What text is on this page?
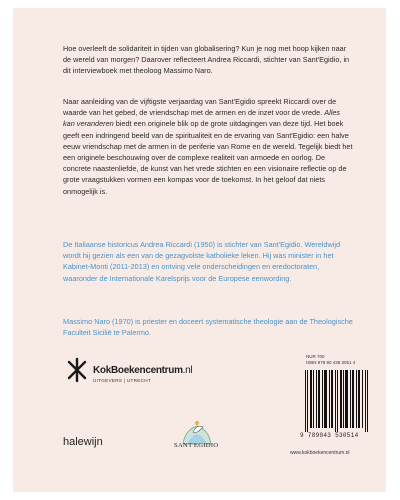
Hoe overleeft de solidariteit in tijden van globalisering? Kun je nog met hoop kijken naar de wereld van morgen? Daarover reflecteert Andrea Riccardi, stichter van Sant'Egidio, in dit interviewboek met theoloog Massimo Naro.

Naar aanleiding van de vijftigste verjaardag van Sant'Egidio spreekt Riccardi over de waarde van het gebed, de vriendschap met de armen en de inzet voor de vrede. Alles kan veranderen biedt een originele blik op de grote uitdagingen van deze tijd. Het boek geeft een indringend beeld van de spiritualiteit en de ervaring van Sant'Egidio: een halve eeuw vriendschap met de armen in de periferie van Rome en de wereld. Tegelijk biedt het een originele beschouwing over de complexe realiteit van armoede en oorlog. De concrete naastenliefde, de kunst van het vrede stichten en een visionaire reflectie op de grote vraagstukken vormen een kompas voor de toekomst. In het geloof dat niets onmogelijk is.

De Italiaanse historicus Andrea Riccardi (1950) is stichter van Sant'Egidio. Wereldwijd wordt hij gezien als een van de gezagvolste katholieke leken. Hij was minister in het Kabinet-Monti (2011-2013) en ontving vele onderscheidingen en eredoctoraten, waaronder de Internationale Karelsprijs voor de Europese eenwording.

Massimo Naro (1970) is priester en doceert systematische theologie aan de Theologische Faculteit Sicilië te Palermo.

KokBoekencentrum.nl
UITGEVERS | UTRECHT
halewijn	SANT'EGIDIO
NUR 700
ISBN 978 90 435 3051 4
9 789043 530514
www.kokboekencentrum.nl
